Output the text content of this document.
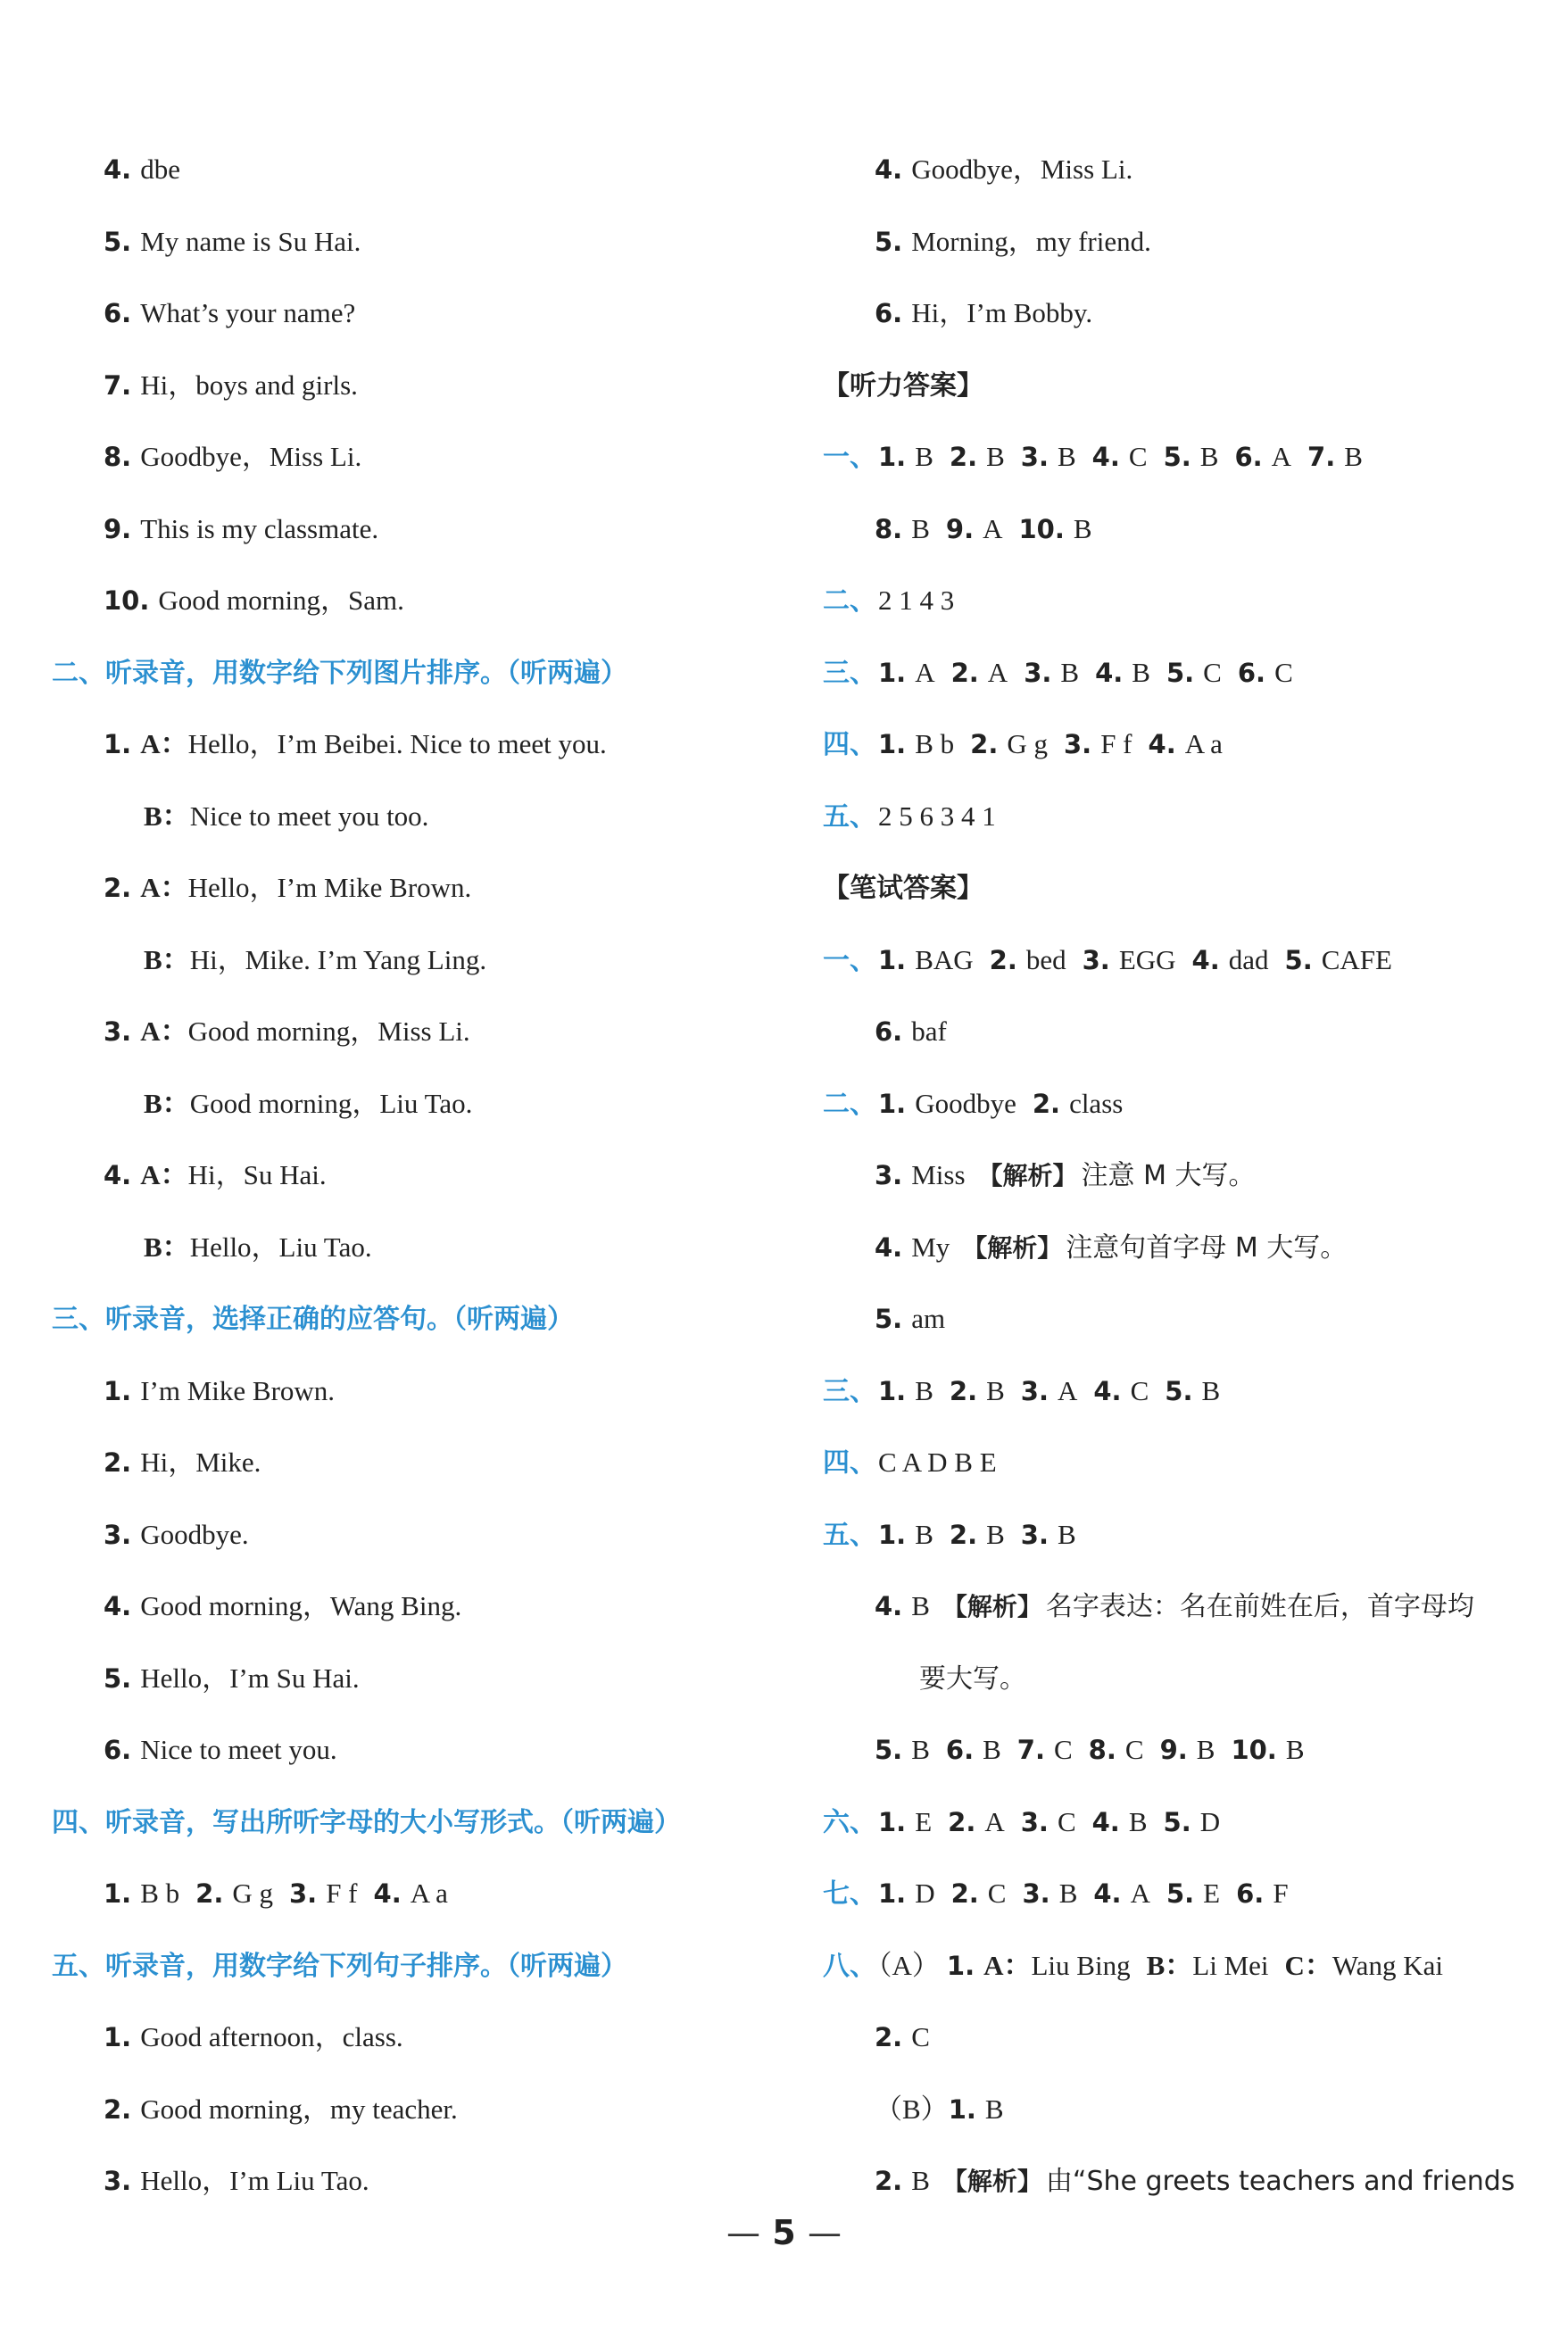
4. dbe
5. My name is Su Hai.
6. What’s your name?
7. Hi，boys and girls.
8. Goodbye，Miss Li.
9. This is my classmate.
10. Good morning，Sam.
二、听录音，用数字给下列图片排序。（听两遍）
1. A：Hello，I’m Beibei. Nice to meet you.
B：Nice to meet you too.
2. A：Hello，I’m Mike Brown.
B：Hi，Mike. I’m Yang Ling.
3. A：Good morning，Miss Li.
B：Good morning，Liu Tao.
4. A：Hi，Su Hai.
B：Hello，Liu Tao.
三、听录音，选择正确的应答句。（听两遍）
1. I’m Mike Brown.
2. Hi，Mike.
3. Goodbye.
4. Good morning，Wang Bing.
5. Hello，I’m Su Hai.
6. Nice to meet you.
四、听录音，写出所听字母的大小写形式。（听两遍）
1. B b 2. G g 3. F f 4. A a
五、听录音，用数字给下列句子排序。（听两遍）
1. Good afternoon，class.
2. Good morning，my teacher.
3. Hello，I’m Liu Tao.
4. Goodbye，Miss Li.
5. Morning，my friend.
6. Hi，I’m Bobby.
【听力答案】
一、1. B 2. B 3. B 4. C 5. B 6. A 7. B
8. B 9. A 10. B
二、2 1 4 3
三、1. A 2. A 3. B 4. B 5. C 6. C
四、1. B b 2. G g 3. F f 4. A a
五、2 5 6 3 4 1
【笔试答案】
一、1. BAG 2. bed 3. EGG 4. dad 5. CAFE
6. baf
二、1. Goodbye 2. class
3. Miss 【解析】 注意 M 大写。
4. My 【解析】 注意句首字母 M 大写。
5. am
三、1. B 2. B 3. A 4. C 5. B
四、C A D B E
五、1. B 2. B 3. B
4. B 【解析】 名字表达：名在前姓在后，首字母均
要大写。
5. B 6. B 7. C 8. C 9. B 10. B
六、1. E 2. A 3. C 4. B 5. D
七、1. D 2. C 3. B 4. A 5. E 6. F
八、（A） 1. A：Liu Bing B：Li Mei C：Wang Kai
2. C
（B）1. B
2. B 【解析】 由“She greets teachers and friends
— 5 —
